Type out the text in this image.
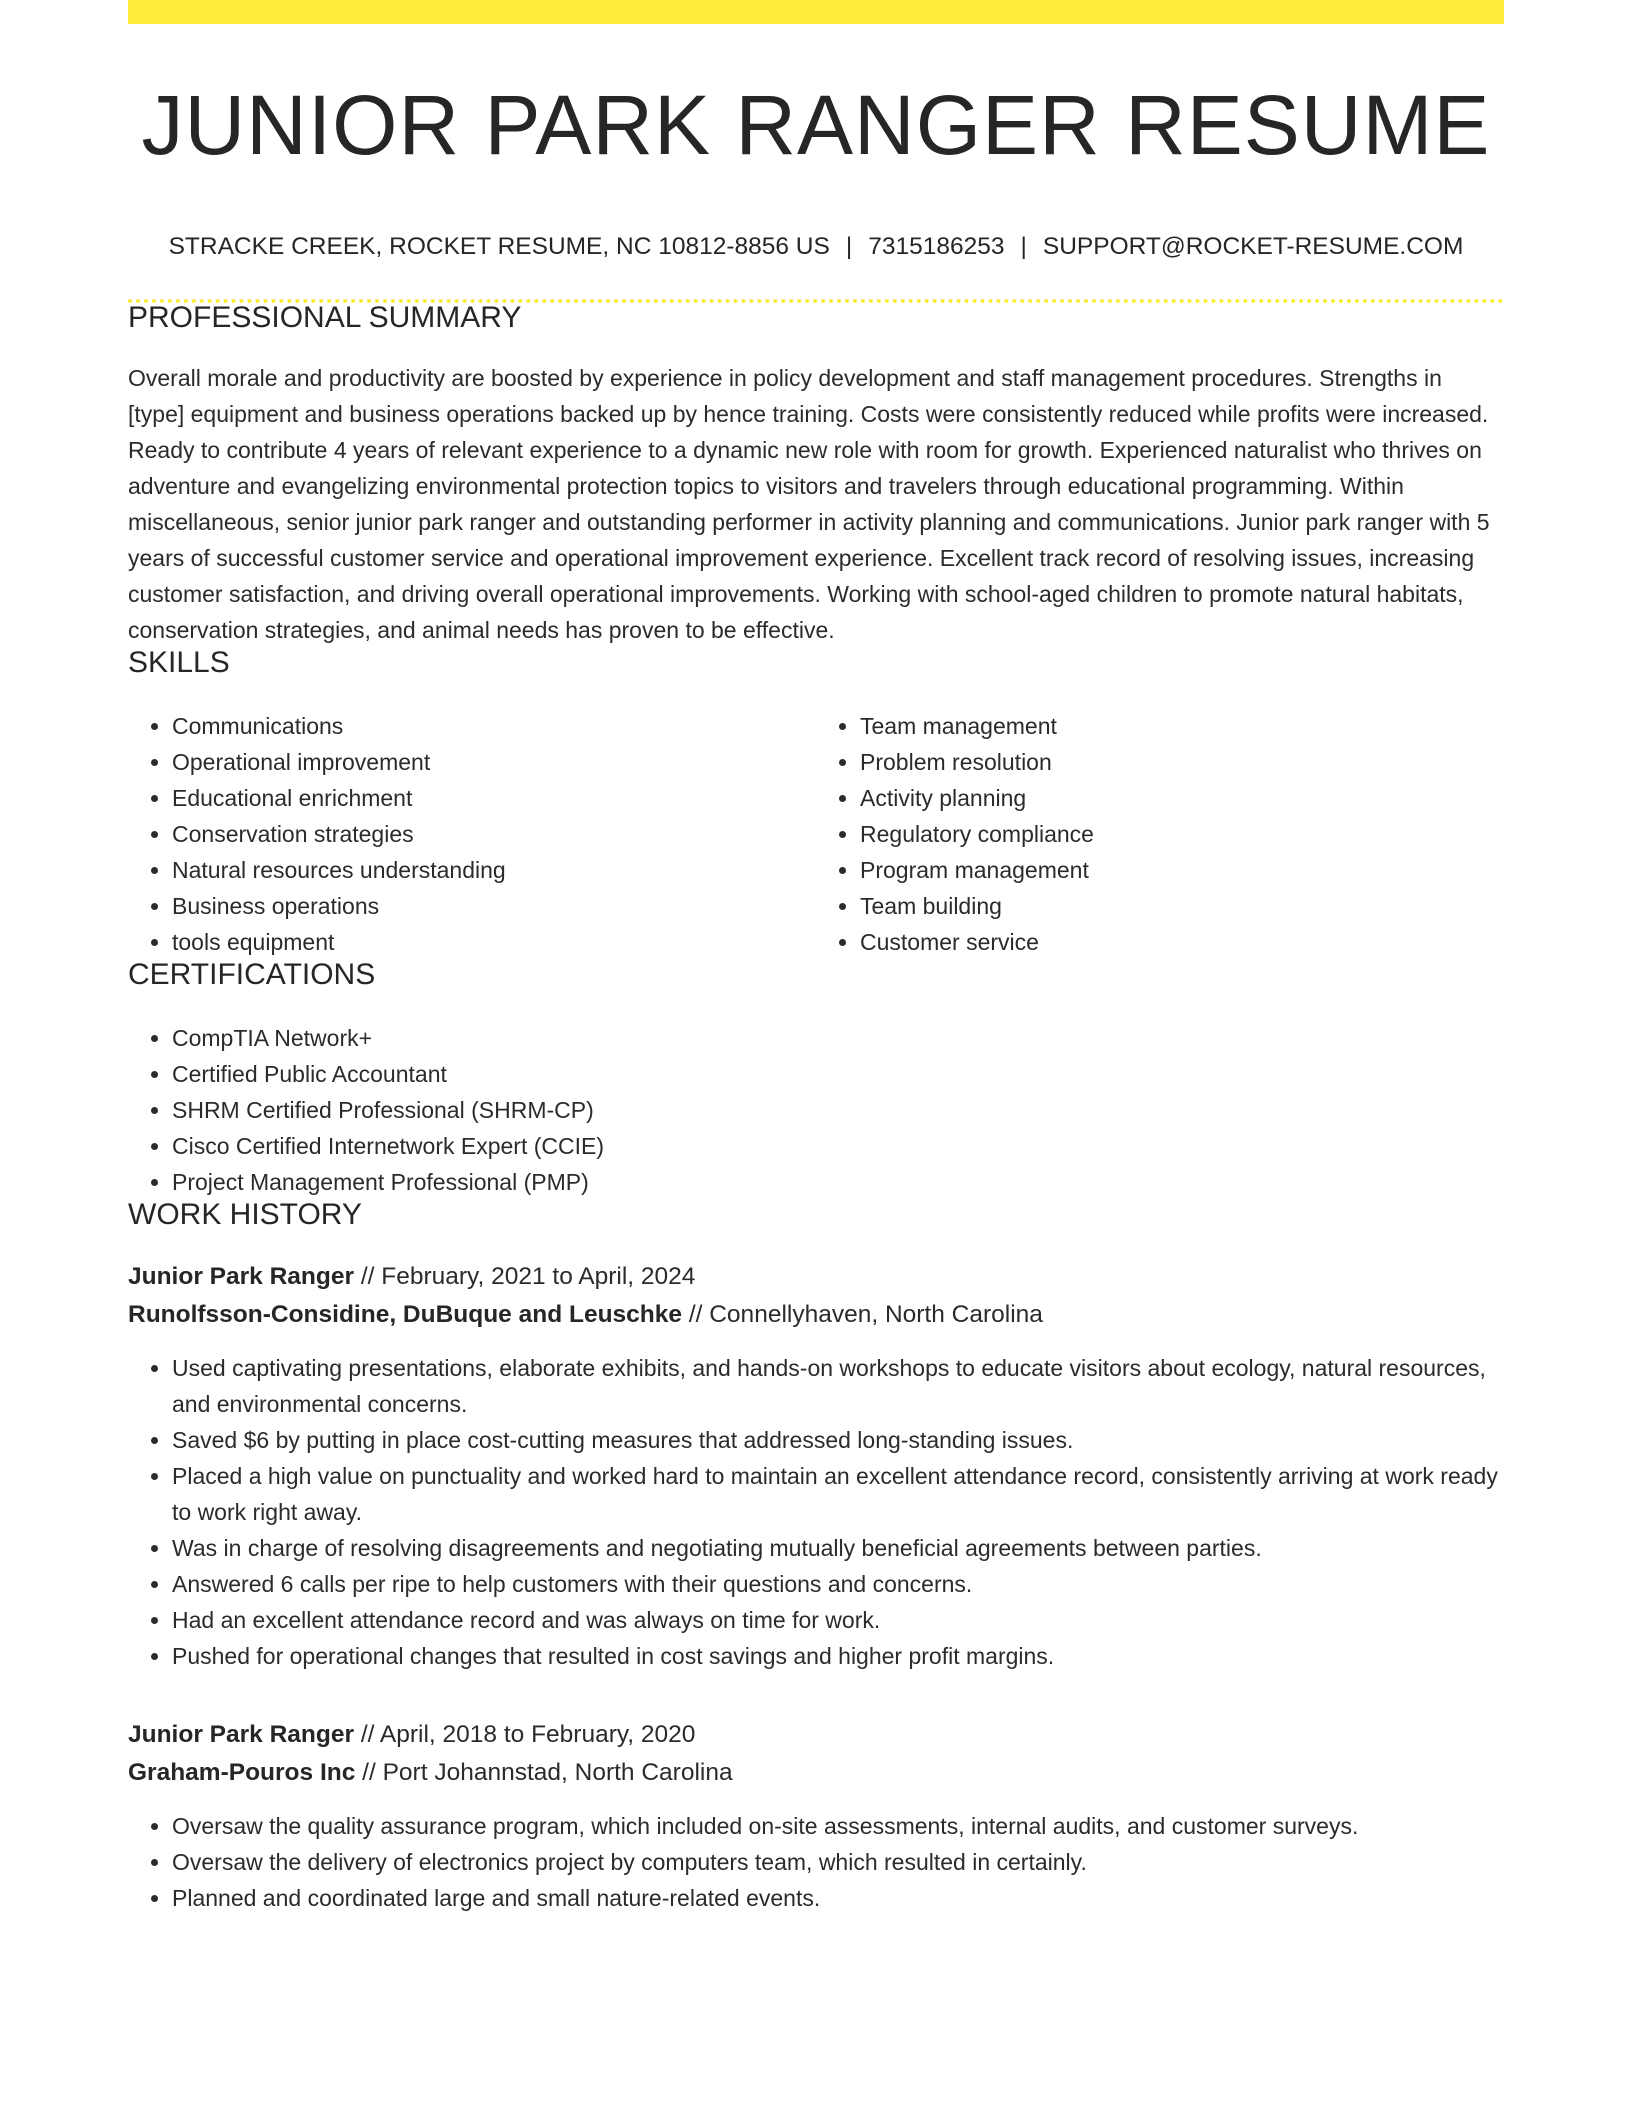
JUNIOR PARK RANGER RESUME
STRACKE CREEK, ROCKET RESUME, NC 10812-8856 US | 7315186253 | SUPPORT@ROCKET-RESUME.COM
PROFESSIONAL SUMMARY

Overall morale and productivity are boosted by experience in policy development and staff management procedures. Strengths in [type] equipment and business operations backed up by hence training. Costs were consistently reduced while profits were increased. Ready to contribute 4 years of relevant experience to a dynamic new role with room for growth. Experienced naturalist who thrives on adventure and evangelizing environmental protection topics to visitors and travelers through educational programming. Within miscellaneous, senior junior park ranger and outstanding performer in activity planning and communications. Junior park ranger with 5 years of successful customer service and operational improvement experience. Excellent track record of resolving issues, increasing customer satisfaction, and driving overall operational improvements. Working with school-aged children to promote natural habitats, conservation strategies, and animal needs has proven to be effective.

SKILLS
• Communications
• Operational improvement
• Educational enrichment
• Conservation strategies
• Natural resources understanding
• Business operations
• tools equipment
• Team management
• Problem resolution
• Activity planning
• Regulatory compliance
• Program management
• Team building
• Customer service
CERTIFICATIONS
• CompTIA Network+
• Certified Public Accountant
• SHRM Certified Professional (SHRM-CP)
• Cisco Certified Internetwork Expert (CCIE)
• Project Management Professional (PMP)
WORK HISTORY
Junior Park Ranger // February, 2021 to April, 2024
Runolfsson-Considine, DuBuque and Leuschke // Connellyhaven, North Carolina
• Used captivating presentations, elaborate exhibits, and hands-on workshops to educate visitors about ecology, natural resources, and environmental concerns.
• Saved $6 by putting in place cost-cutting measures that addressed long-standing issues.
• Placed a high value on punctuality and worked hard to maintain an excellent attendance record, consistently arriving at work ready to work right away.
• Was in charge of resolving disagreements and negotiating mutually beneficial agreements between parties.
• Answered 6 calls per ripe to help customers with their questions and concerns.
• Had an excellent attendance record and was always on time for work.
• Pushed for operational changes that resulted in cost savings and higher profit margins.
Junior Park Ranger // April, 2018 to February, 2020
Graham-Pouros Inc // Port Johannstad, North Carolina
• Oversaw the quality assurance program, which included on-site assessments, internal audits, and customer surveys.
• Oversaw the delivery of electronics project by computers team, which resulted in certainly.
• Planned and coordinated large and small nature-related events.
